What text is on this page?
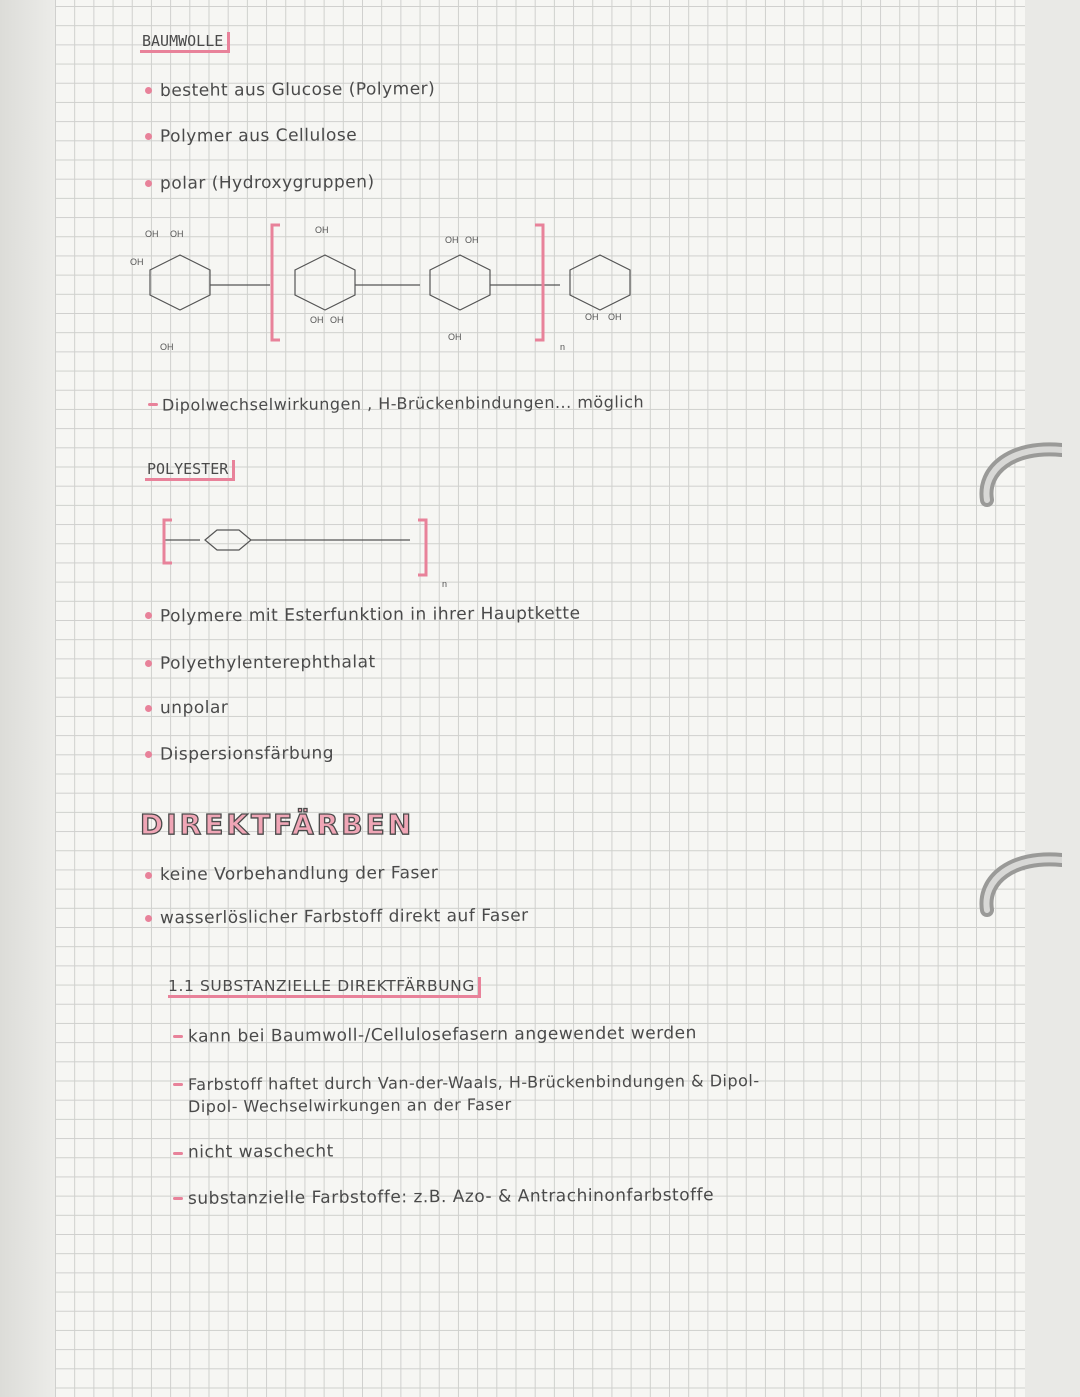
BAUMWOLLE
besteht aus Glucose (Polymer)
Polymer aus Cellulose
polar (Hydroxygruppen)
OH OH
OH
OH
OH
OH OH
OH OH
OH
OH OH
n
Dipolwechselwirkungen , H-Brückenbindungen... möglich
POLYESTER
n
Polymere mit Esterfunktion in ihrer Hauptkette
Polyethylenterephthalat
unpolar
Dispersionsfärbung
DIREKTFÄRBEN
keine Vorbehandlung der Faser
wasserlöslicher Farbstoff direkt auf Faser
1.1 SUBSTANZIELLE DIREKTFÄRBUNG
kann bei Baumwoll-/Cellulosefasern angewendet werden
Farbstoff haftet durch Van-der-Waals, H-Brückenbindungen & Dipol-
Dipol- Wechselwirkungen an der Faser
nicht waschecht
substanzielle Farbstoffe: z.B. Azo- & Antrachinonfarbstoffe
